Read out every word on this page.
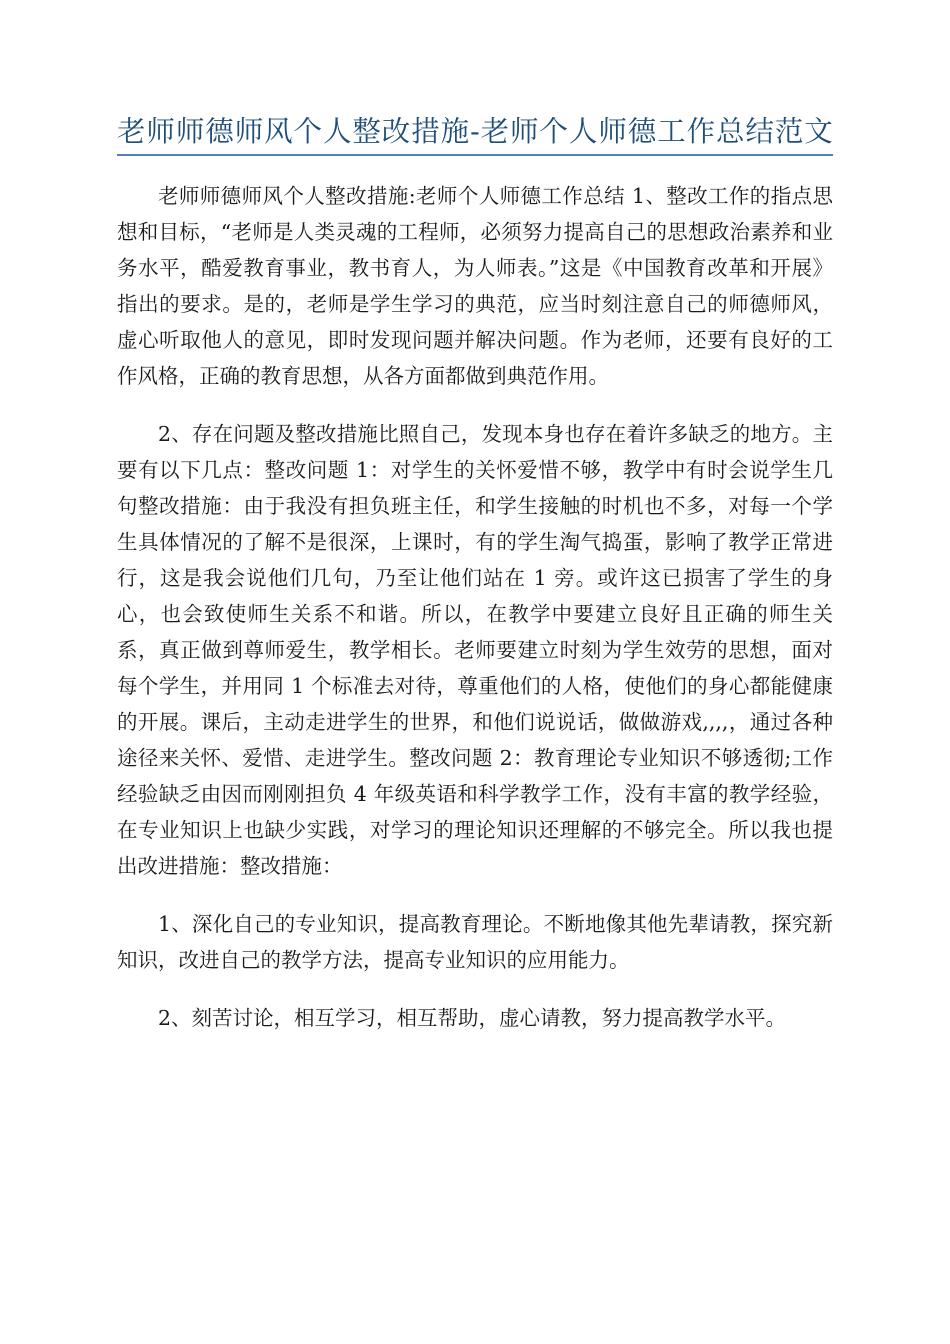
老师师德师风个人整改措施-老师个人师德工作总结范文

老师师德师风个人整改措施:老师个人师德工作总结 1、整改工作的指点思想和目标，“老师是人类灵魂的工程师，必须努力提高自己的思想政治素养和业务水平，酷爱教育事业，教书育人，为人师表。”这是《中国教育改革和开展》指出的要求。是的，老师是学生学习的典范，应当时刻注意自己的师德师风，虚心听取他人的意见，即时发现问题并解决问题。作为老师，还要有良好的工作风格，正确的教育思想，从各方面都做到典范作用。

2、存在问题及整改措施比照自己，发现本身也存在着许多缺乏的地方。主要有以下几点：整改问题 1：对学生的关怀爱惜不够，教学中有时会说学生几句整改措施：由于我没有担负班主任，和学生接触的时机也不多，对每一个学生具体情况的了解不是很深，上课时，有的学生淘气捣蛋，影响了教学正常进行，这是我会说他们几句，乃至让他们站在 1 旁。或许这已损害了学生的身心，也会致使师生关系不和谐。所以，在教学中要建立良好且正确的师生关系，真正做到尊师爱生，教学相长。老师要建立时刻为学生效劳的思想，面对每个学生，并用同 1 个标准去对待，尊重他们的人格，使他们的身心都能健康的开展。课后，主动走进学生的世界，和他们说说话，做做游戏,,,,，通过各种途径来关怀、爱惜、走进学生。整改问题 2：教育理论专业知识不够透彻;工作经验缺乏由因而刚刚担负 4 年级英语和科学教学工作，没有丰富的教学经验，在专业知识上也缺少实践，对学习的理论知识还理解的不够完全。所以我也提出改进措施：整改措施：

1、深化自己的专业知识，提高教育理论。不断地像其他先辈请教，探究新知识，改进自己的教学方法，提高专业知识的应用能力。

2、刻苦讨论，相互学习，相互帮助，虚心请教，努力提高教学水平。
